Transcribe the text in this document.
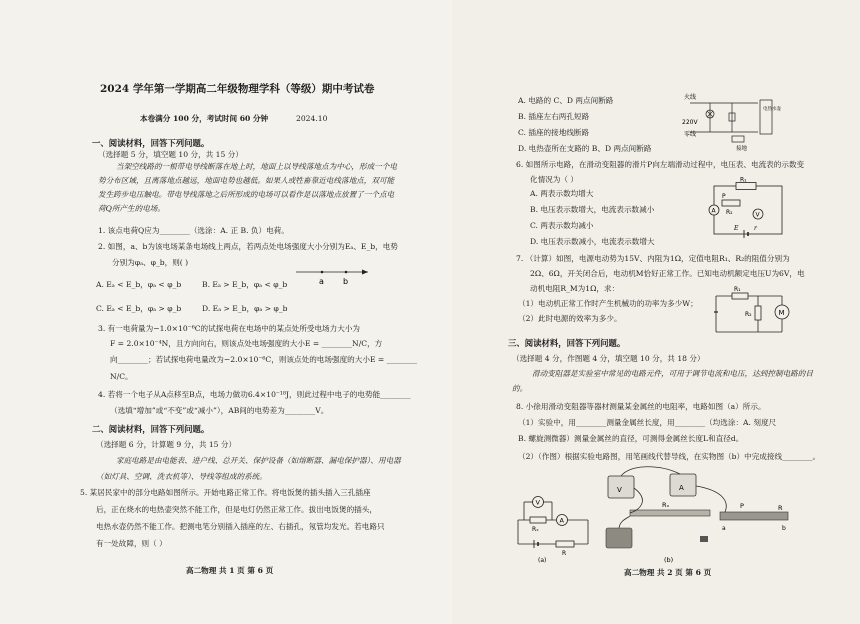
2024 学年第一学期高二年级物理学科（等级）期中考试卷
本卷满分 100 分，考试时间 60 分钟	2024.10
一、阅读材料，回答下列问题。
（选择题 5 分，填空题 10 分，共 15 分）
当架空线路的一根带电导线断落在地上时，地面上以导线落地点为中心，形成一个电
势分布区域，且离落地点越远，地面电势也越低。如果人或牲畜靠近电线落地点，双可能
发生跨步电压触电。带电导线落地之后所形成的电场可以看作是以落地点放置了一个点电
荷Q所产生的电场。
1. 该点电荷Q应为________（选涂：A. 正 B. 负）电荷。
2. 如图，a、b为该电场某条电场线上两点，若两点处电场强度大小分别为Eₐ、E_b，电势
分别为φₐ、φ_b，则( )
a b
A. Eₐ < E_b，φₐ < φ_b	B. Eₐ > E_b，φₐ < φ_b
C. Eₐ < E_b，φₐ > φ_b	D. Eₐ > E_b，φₐ > φ_b
3. 有一电荷量为−1.0×10⁻⁶C的试探电荷在电场中的某点处所受电场力大小为
F = 2.0×10⁻⁴N，且方向向右，则该点处电场强度的大小E = ________N/C，方
向________；若试探电荷电量改为−2.0×10⁻⁶C，则该点处的电场强度的大小E = ________
N/C。
4. 若将一个电子从A点移至B点，电场力做功6.4×10⁻¹⁸J，则此过程中电子的电势能________
（选填“增加”或“不变”或“减小”），AB间的电势差为________V。
二、阅读材料，回答下列问题。
（选择题 6 分，计算题 9 分，共 15 分）
家庭电路是由电能表、进户线、总开关、保护设备（如熔断器、漏电保护器）、用电器
（如灯具、空调、洗衣机等）、导线等组成的系统。
5. 某居民家中的部分电路如图所示。开始电路正常工作。将电饭煲的插头插入三孔插座
后，正在烧水的电热壶突然不能工作，但是电灯仍然正常工作。拔出电饭煲的插头，
电热水壶仍然不能工作。把测电笔分别插入插座的左、右插孔，氖管均发光。若电路只
有一处故障，则（ ）
高二物理 共 1 页 第 6 页
A. 电路的 C、D 两点间断路
B. 插座左右两孔短路
C. 插座的接地线断路
D. 电热壶所在支路的 B、D 两点间断路
火线
220V
零线
电热水壶
接地
6. 如图所示电路，在滑动变阻器的滑片P向左端滑动过程中，电压表、电流表的示数变
化情况为（ ）
A. 两表示数均增大
B. 电压表示数增大，电流表示数减小
C. 两表示数均减小
D. 电压表示数减小，电流表示数增大
R₁
P
R₂	V
A
E	r
7. （计算）如图，电源电动势为15V、内阻为1Ω，定值电阻R₁、R₂的阻值分别为
2Ω、6Ω，开关闭合后，电动机M恰好正常工作。已知电动机额定电压U为6V，电
动机电阻R_M为1Ω，求：
（1）电动机正常工作时产生机械功的功率为多少W；
（2）此时电源的效率为多少。
R₁
R₂	M
三、阅读材料，回答下列问题。
（选择题 4 分，作图题 4 分，填空题 10 分，共 18 分）
滑动变阻器是实验室中常见的电路元件，可用于调节电流和电压，达到控制电路的目
的。
8. 小徐用滑动变阻器等器材测量某金属丝的电阻率，电路如图（a）所示。
（1）实验中，用________测量金属丝长度，用________（均选涂：A. 刻度尺
B. 螺旋测微器）测量金属丝的直径，可测得金属丝长度L和直径d。
（2）（作图）根据实验电路图，用笔画线代替导线，在实物图（b）中完成接线________。
V
Rₓ
A
R
(a)
V	A
Rₓ	P
a	b
R
(b)
高二物理 共 2 页 第 6 页
